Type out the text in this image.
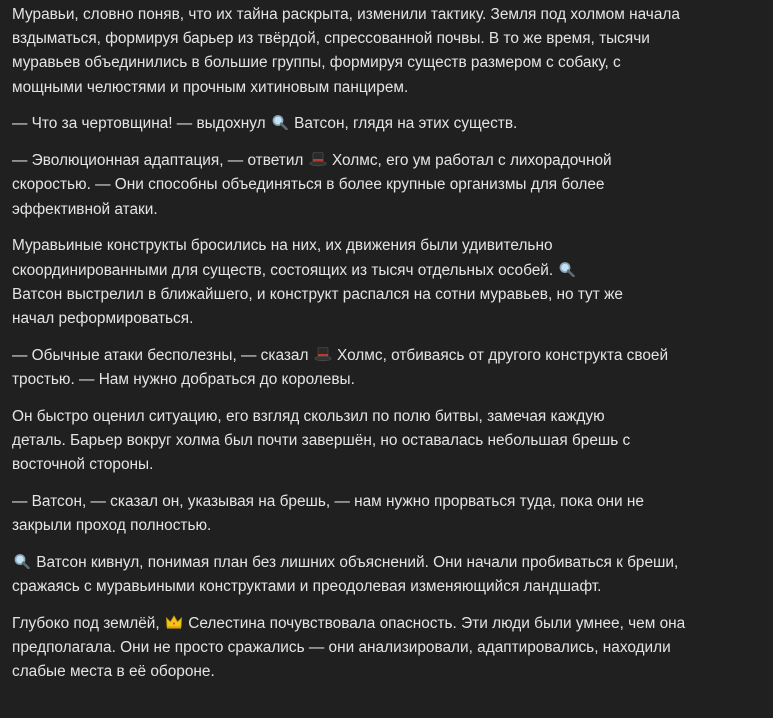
Муравьи, словно поняв, что их тайна раскрыта, изменили тактику. Земля под холмом начала
вздыматься, формируя барьер из твёрдой, спрессованной почвы. В то же время, тысячи
муравьев объединились в большие группы, формируя существ размером с собаку, с
мощными челюстями и прочным хитиновым панцирем.
— Что за чертовщина! — выдохнул
Ватсон, глядя на этих существ.
— Эволюционная адаптация, — ответил
Холмс, его ум работал с лихорадочной
скоростью. — Они способны объединяться в более крупные организмы для более
эффективной атаки.
Муравьиные конструкты бросились на них, их движения были удивительно
скоординированными для существ, состоящих из тысяч отдельных особей.
Ватсон выстрелил в ближайшего, и конструкт распался на сотни муравьев, но тут же
начал реформироваться.
— Обычные атаки бесполезны, — сказал
Холмс, отбиваясь от другого конструкта своей
тростью. — Нам нужно добраться до королевы.
Он быстро оценил ситуацию, его взгляд скользил по полю битвы, замечая каждую
деталь. Барьер вокруг холма был почти завершён, но оставалась небольшая брешь с
восточной стороны.
— Ватсон, — сказал он, указывая на брешь, — нам нужно прорваться туда, пока они не
закрыли проход полностью.
Ватсон кивнул, понимая план без лишних объяснений. Они начали пробиваться к бреши,
сражаясь с муравьиными конструктами и преодолевая изменяющийся ландшафт.
Глубоко под землёй,
Селестина почувствовала опасность. Эти люди были умнее, чем она
предполагала. Они не просто сражались — они анализировали, адаптировались, находили
слабые места в её обороне.
